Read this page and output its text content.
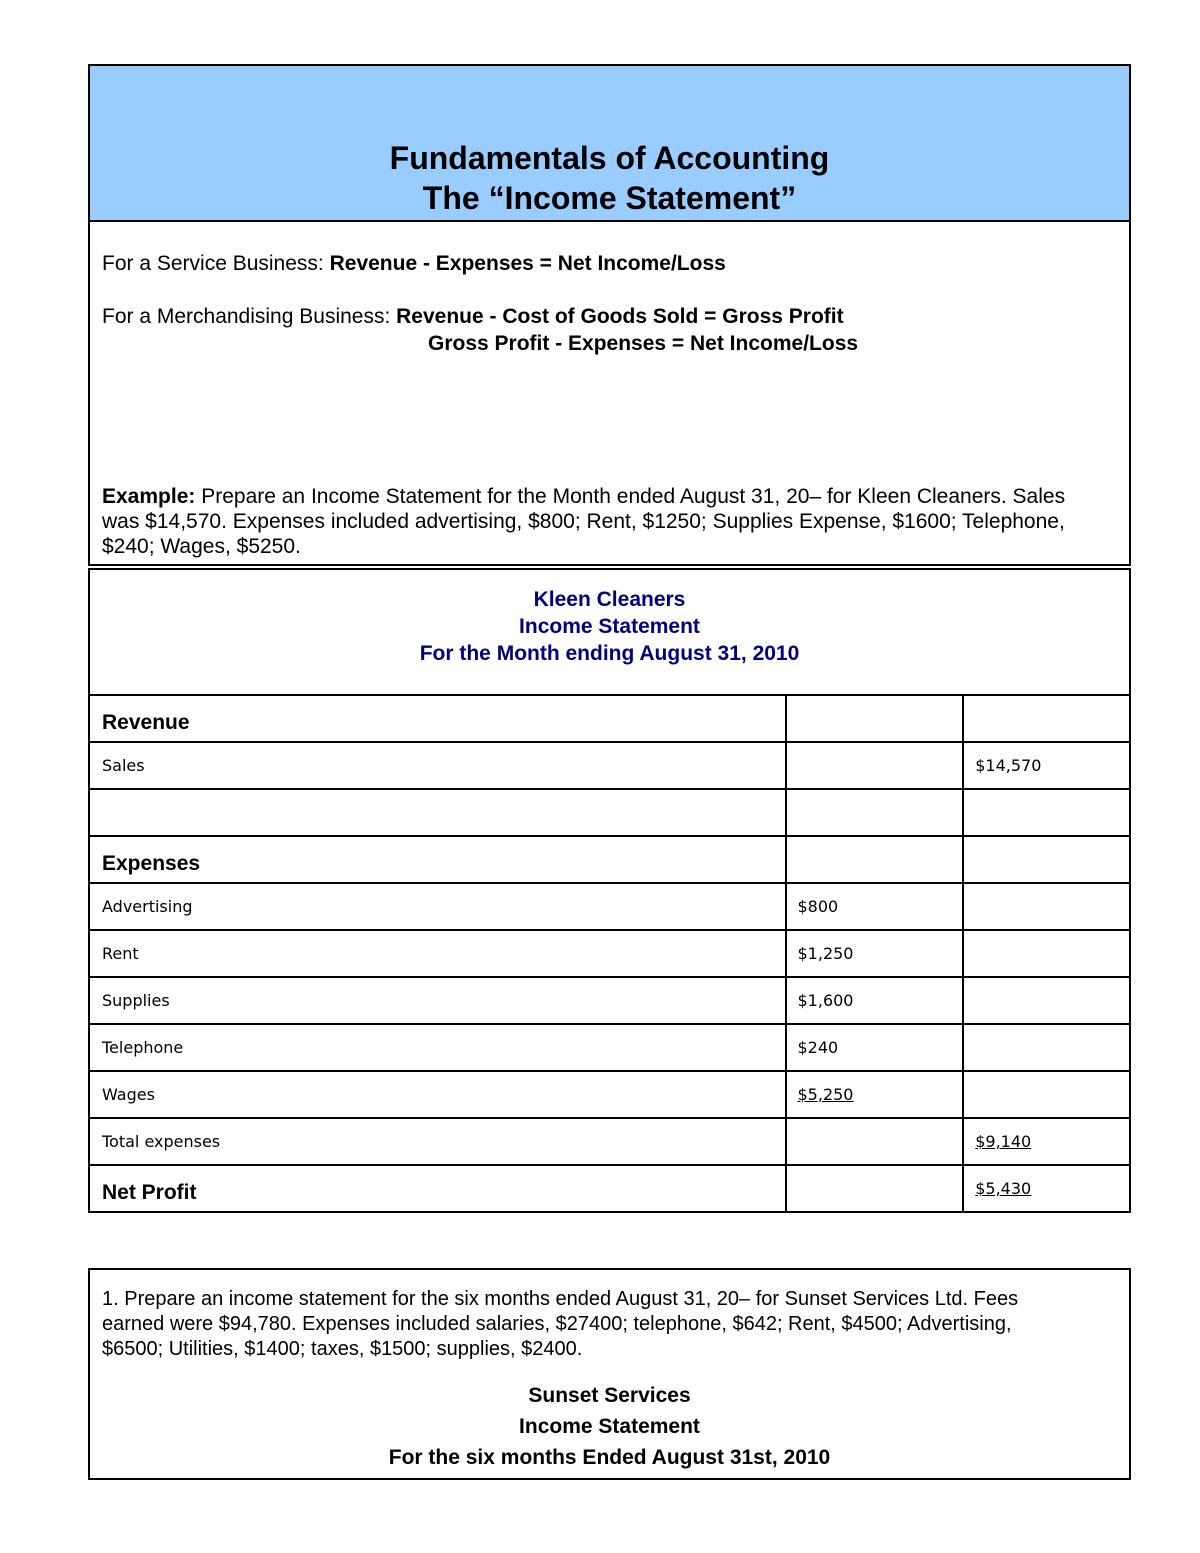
Fundamentals of Accounting
The “Income Statement”
For a Service Business: Revenue - Expenses = Net Income/Loss
For a Merchandising Business: Revenue - Cost of Goods Sold = Gross Profit
Gross Profit - Expenses = Net Income/Loss
Example: Prepare an Income Statement for the Month ended August 31, 20– for Kleen Cleaners. Sales
was $14,570. Expenses included advertising, $800; Rent, $1250; Supplies Expense, $1600; Telephone,
$240; Wages, $5250.
Kleen Cleaners
Income Statement
For the Month ending August 31, 2010
Revenue		
Sales		$14,570

Expenses		
Advertising	$800	
Rent	$1,250	
Supplies	$1,600	
Telephone	$240	
Wages	$5,250	
Total expenses		$9,140
Net Profit		$5,430
1. Prepare an income statement for the six months ended August 31, 20– for Sunset Services Ltd. Fees
earned were $94,780. Expenses included salaries, $27400; telephone, $642; Rent, $4500; Advertising,
$6500; Utilities, $1400; taxes, $1500; supplies, $2400.
Sunset Services
Income Statement
For the six months Ended August 31st, 2010
